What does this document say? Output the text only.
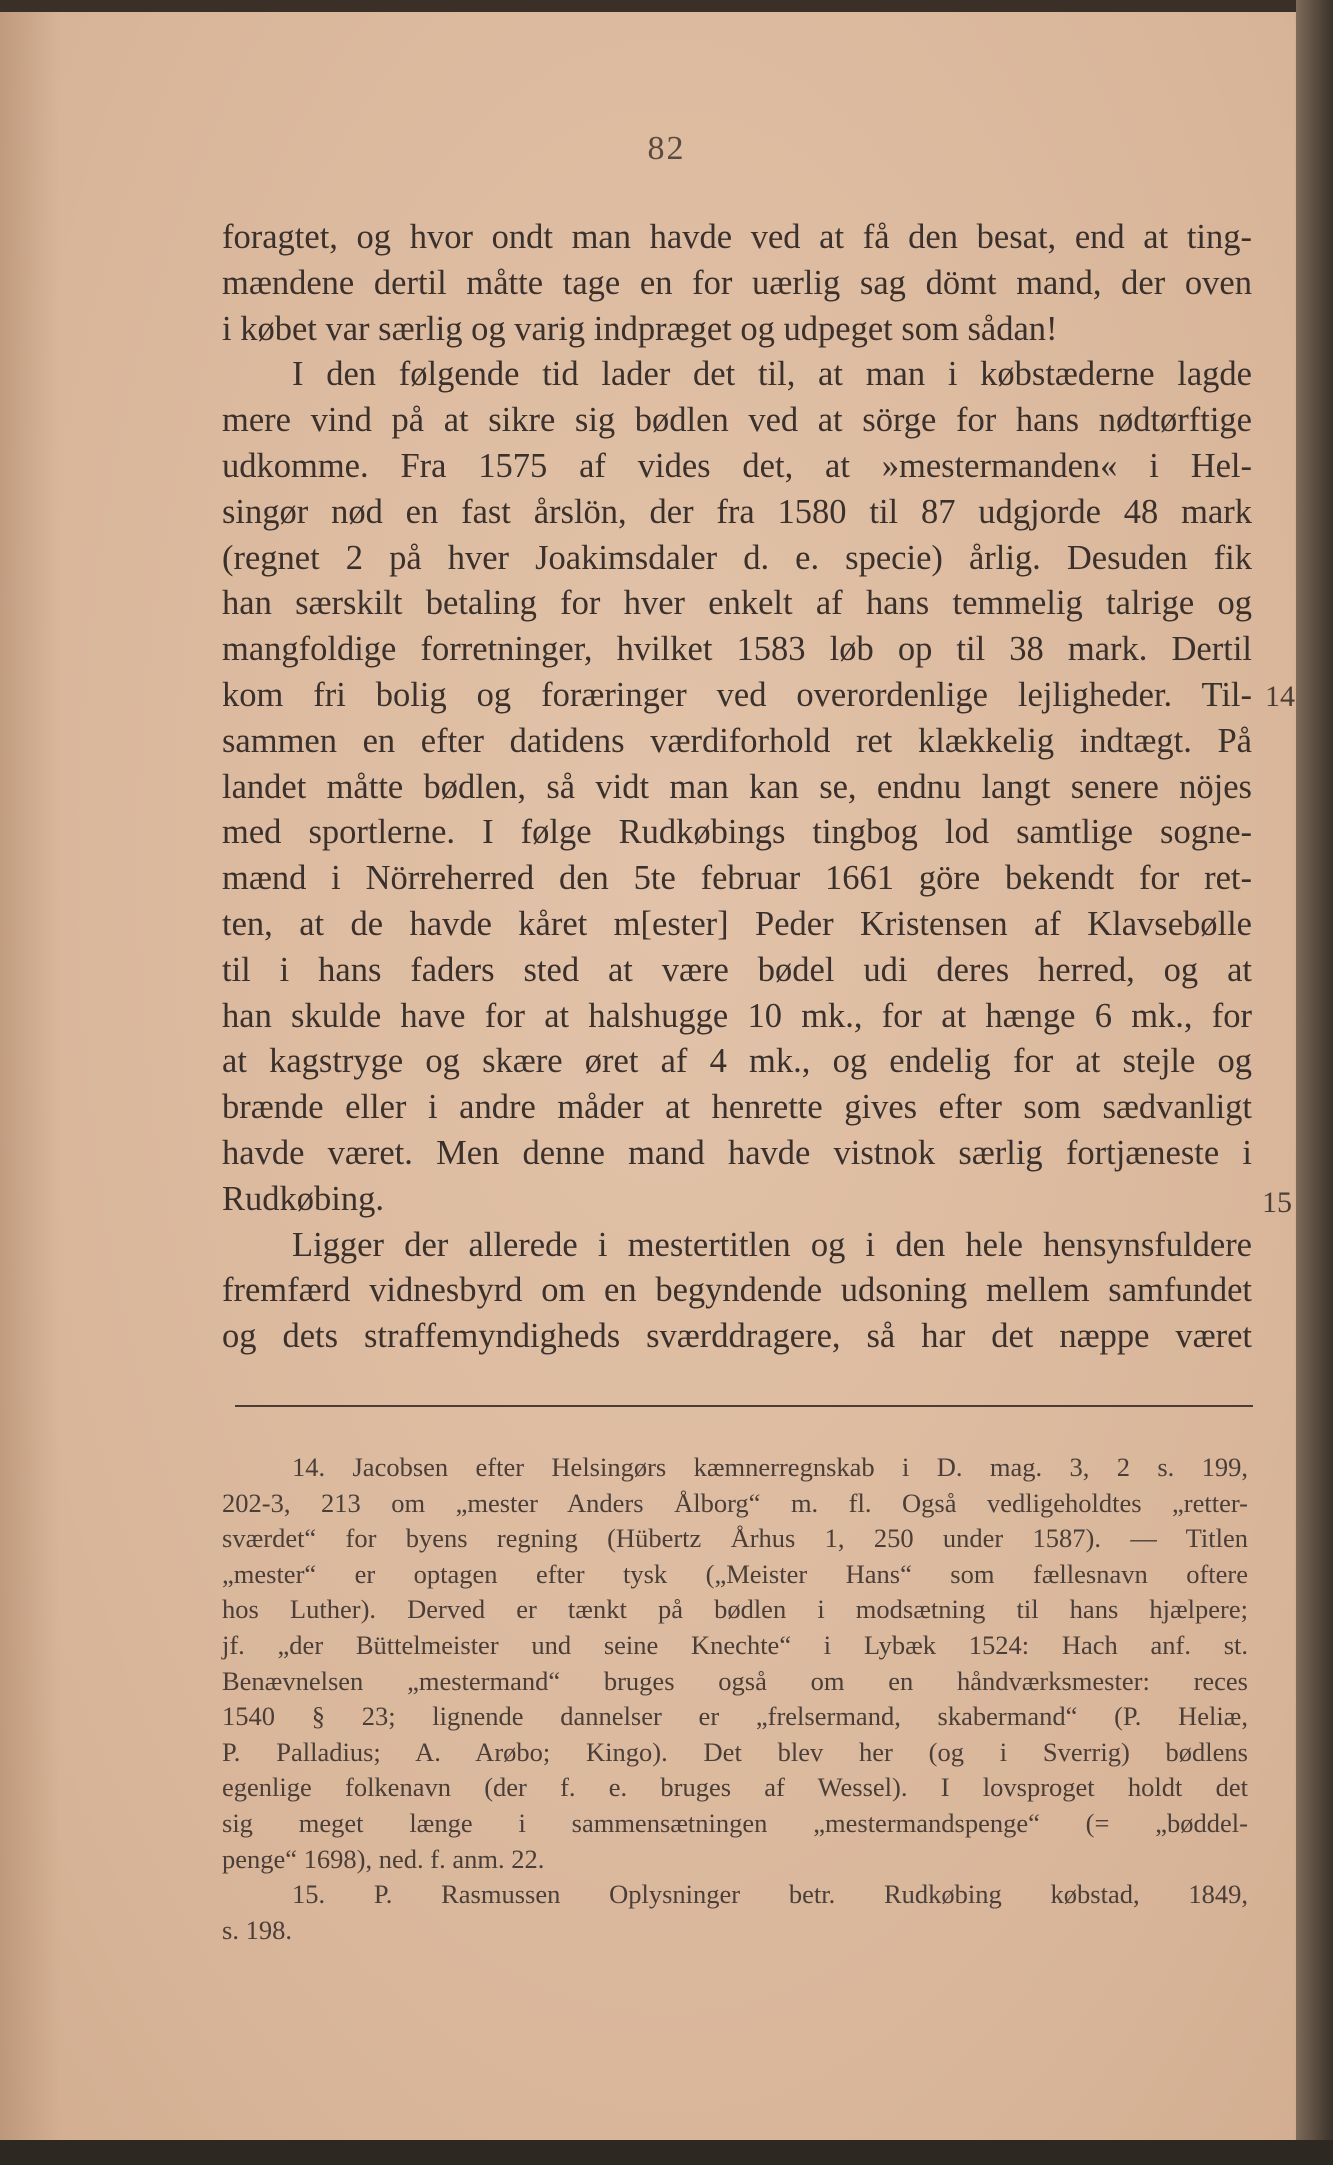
82
foragtet, og hvor ondt man havde ved at få den besat, end at ting-
mændene dertil måtte tage en for uærlig sag dömt mand, der oven
i købet var særlig og varig indpræget og udpeget som sådan!
I den følgende tid lader det til, at man i købstæderne lagde
mere vind på at sikre sig bødlen ved at sörge for hans nødtørftige
udkomme. Fra 1575 af vides det, at »mestermanden« i Hel-
singør nød en fast årslön, der fra 1580 til 87 udgjorde 48 mark
(regnet 2 på hver Joakimsdaler d. e. specie) årlig. Desuden fik
han særskilt betaling for hver enkelt af hans temmelig talrige og
mangfoldige forretninger, hvilket 1583 løb op til 38 mark. Dertil
kom fri bolig og foræringer ved overordenlige lejligheder. Til-
sammen en efter datidens værdiforhold ret klækkelig indtægt. På
landet måtte bødlen, så vidt man kan se, endnu langt senere nöjes
med sportlerne. I følge Rudkøbings tingbog lod samtlige sogne-
mænd i Nörreherred den 5te februar 1661 göre bekendt for ret-
ten, at de havde kåret m[ester] Peder Kristensen af Klavsebølle
til i hans faders sted at være bødel udi deres herred, og at
han skulde have for at halshugge 10 mk., for at hænge 6 mk., for
at kagstryge og skære øret af 4 mk., og endelig for at stejle og
brænde eller i andre måder at henrette gives efter som sædvanligt
havde været. Men denne mand havde vistnok særlig fortjæneste i
Rudkøbing.
Ligger der allerede i mestertitlen og i den hele hensynsfuldere
fremfærd vidnesbyrd om en begyndende udsoning mellem samfundet
og dets straffemyndigheds sværddragere, så har det næppe været
14
15
14. Jacobsen efter Helsingørs kæmnerregnskab i D. mag. 3, 2 s. 199,
202-3, 213 om „mester Anders Ålborg“ m. fl. Også vedligeholdtes „retter-
sværdet“ for byens regning (Hübertz Århus 1, 250 under 1587). — Titlen
„mester“ er optagen efter tysk („Meister Hans“ som fællesnavn oftere
hos Luther). Derved er tænkt på bødlen i modsætning til hans hjælpere;
jf. „der Büttelmeister und seine Knechte“ i Lybæk 1524: Hach anf. st.
Benævnelsen „mestermand“ bruges også om en håndværksmester: reces
1540 § 23; lignende dannelser er „frelsermand, skabermand“ (P. Heliæ,
P. Palladius; A. Arøbo; Kingo). Det blev her (og i Sverrig) bødlens
egenlige folkenavn (der f. e. bruges af Wessel). I lovsproget holdt det
sig meget længe i sammensætningen „mestermandspenge“ (= „bøddel-
penge“ 1698), ned. f. anm. 22.
15. P. Rasmussen Oplysninger betr. Rudkøbing købstad, 1849,
s. 198.
